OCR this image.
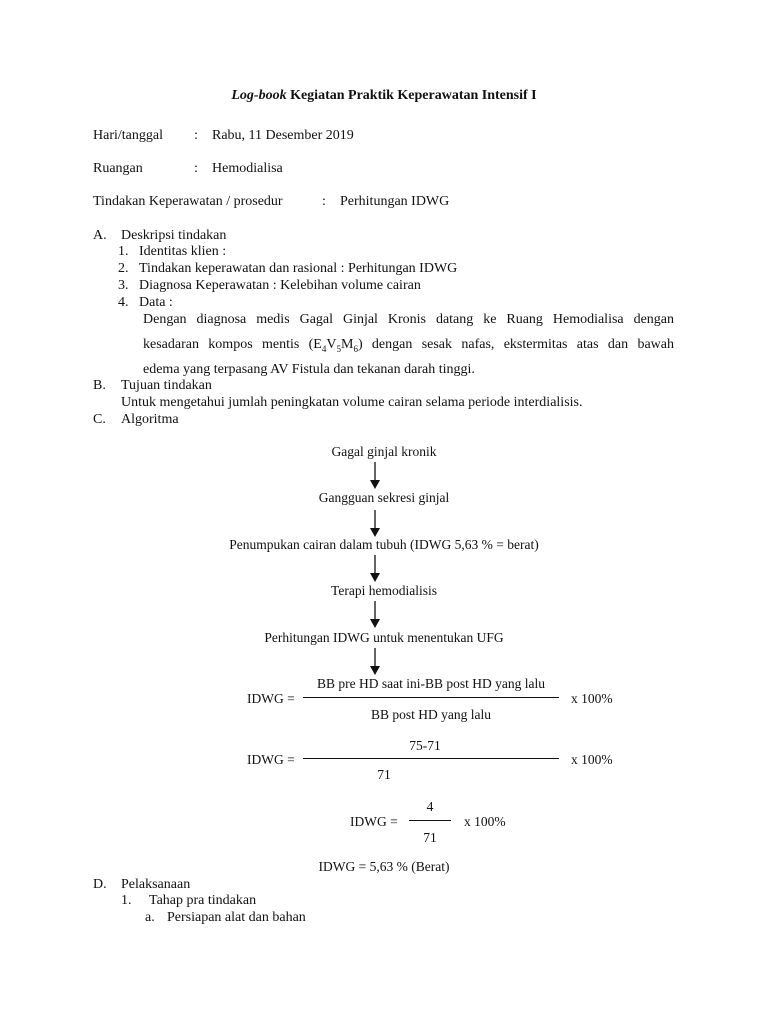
Log-book Kegiatan Praktik Keperawatan Intensif I
Hari/tanggal : Rabu, 11 Desember 2019
Ruangan	: Hemodialisa
Tindakan Keperawatan / prosedur	: Perhitungan IDWG
A. Deskripsi tindakan
1. Identitas klien :
2. Tindakan keperawatan dan rasional : Perhitungan IDWG
3. Diagnosa Keperawatan : Kelebihan volume cairan
4. Data :
Dengan diagnosa medis Gagal Ginjal Kronis datang ke Ruang Hemodialisa dengan
kesadaran kompos mentis $(E_4V_5M_6)$ dengan sesak nafas, ekstermitas atas dan bawah
edema yang terpasang AV Fistula dan tekanan darah tinggi.
B. Tujuan tindakan
Untuk mengetahui jumlah peningkatan volume cairan selama periode interdialisis.
C. Algoritma
Gagal ginjal kronik
Gangguan sekresi ginjal
Penumpukan cairan dalam tubuh (IDWG 5,63 % = berat)
Terapi hemodialisis
Perhitungan IDWG untuk menentukan UFG
IDWG =
BB pre HD saat ini-BB post HD yang lalu
BB post HD yang lalu
x 100%
IDWG =
75-71
71
x 100%
IDWG =
4
71
x 100%
IDWG = 5,63 % (Berat)
D. Pelaksanaan
1. Tahap pra tindakan
a. Persiapan alat dan bahan
